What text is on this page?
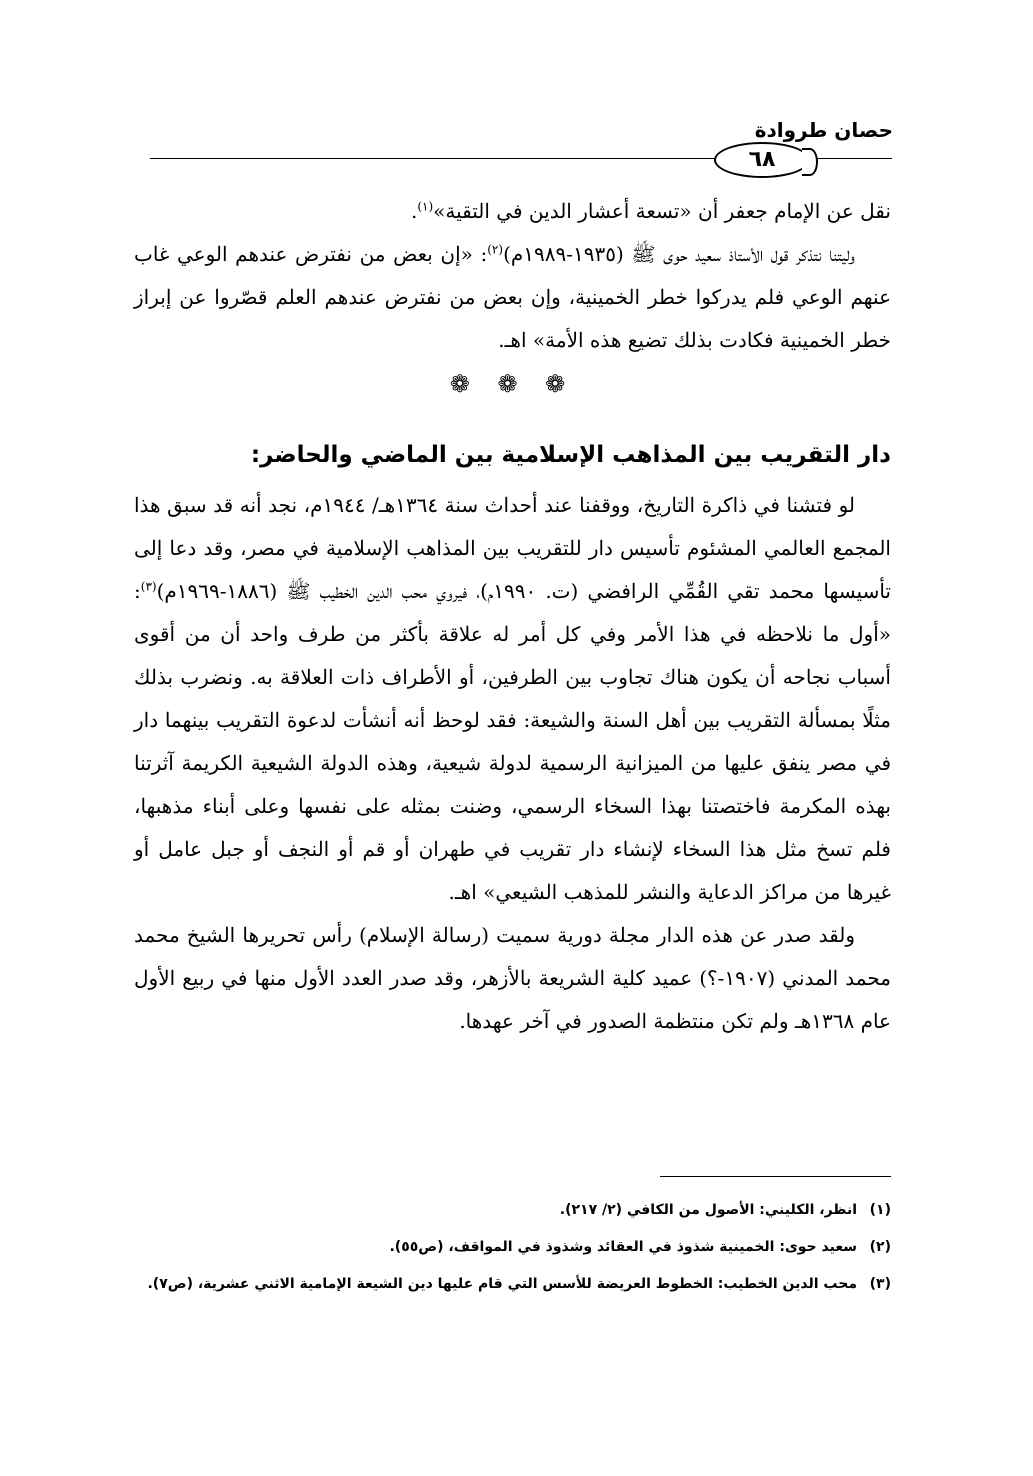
حصان طروادة
٦٨

نقل عن الإمام جعفر أن «تسعة أعشار الدين في التقية»$^{(١)}$.

وليتنا نتذكر قول الأستاذ سعيد حوى ﷺ (١٩٣٥-١٩٨٩م)$^{(٢)}$: «إن بعض من نفترض عندهم الوعي غاب عنهم الوعي فلم يدركوا خطر الخمينية، وإن بعض من نفترض عندهم العلم قصّروا عن إبراز خطر الخمينية فكادت بذلك تضيع هذه الأمة» اهـ.

❁ ❁ ❁

دار التقريب بين المذاهب الإسلامية بين الماضي والحاضر:

لو فتشنا في ذاكرة التاريخ، ووقفنا عند أحداث سنة ١٣٦٤هـ/ ١٩٤٤م، نجد أنه قد سبق هذا المجمع العالمي المشئوم تأسيس دار للتقريب بين المذاهب الإسلامية في مصر، وقد دعا إلى تأسيسها محمد تقي القُمِّي الرافضي (ت. ١٩٩٠م)، فيروي محب الدين الخطيب ﷺ (١٨٨٦-١٩٦٩م)$^{(٣)}$: «أول ما نلاحظه في هذا الأمر وفي كل أمر له علاقة بأكثر من طرف واحد أن من أقوى أسباب نجاحه أن يكون هناك تجاوب بين الطرفين، أو الأطراف ذات العلاقة به. ونضرب بذلك مثلًا بمسألة التقريب بين أهل السنة والشيعة: فقد لوحظ أنه أنشأت لدعوة التقريب بينهما دار في مصر ينفق عليها من الميزانية الرسمية لدولة شيعية، وهذه الدولة الشيعية الكريمة آثرتنا بهذه المكرمة فاختصتنا بهذا السخاء الرسمي، وضنت بمثله على نفسها وعلى أبناء مذهبها، فلم تسخ مثل هذا السخاء لإنشاء دار تقريب في طهران أو قم أو النجف أو جبل عامل أو غيرها من مراكز الدعاية والنشر للمذهب الشيعي» اهـ.

ولقد صدر عن هذه الدار مجلة دورية سميت (رسالة الإسلام) رأس تحريرها الشيخ محمد محمد المدني (١٩٠٧-؟) عميد كلية الشريعة بالأزهر، وقد صدر العدد الأول منها في ربيع الأول عام ١٣٦٨هـ ولم تكن منتظمة الصدور في آخر عهدها.

(١)انظر، الكليني: الأصول من الكافي (٢/ ٢١٧).

(٢)سعيد حوى: الخمينية شذوذ في العقائد وشذوذ في المواقف، (ص٥٥).

(٣)محب الدين الخطيب: الخطوط العريضة للأسس التي قام عليها دين الشيعة الإمامية الاثني عشرية، (ص٧).
